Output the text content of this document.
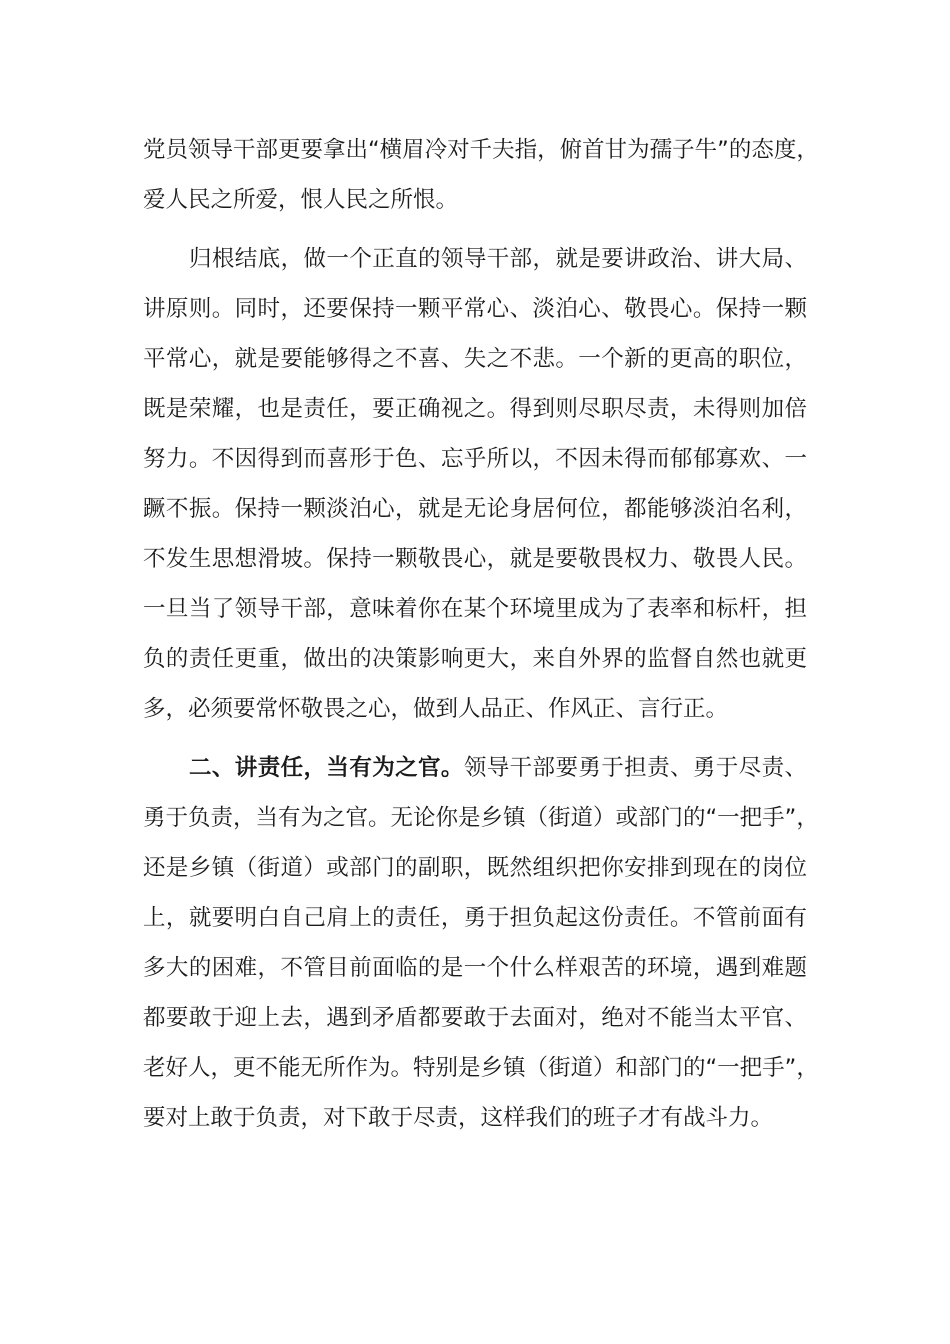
党员领导干部更要拿出“横眉冷对千夫指，俯首甘为孺子牛”的态度，
爱人民之所爱，恨人民之所恨。
归根结底，做一个正直的领导干部，就是要讲政治、讲大局、
讲原则。同时，还要保持一颗平常心、淡泊心、敬畏心。保持一颗
平常心，就是要能够得之不喜、失之不悲。一个新的更高的职位，
既是荣耀，也是责任，要正确视之。得到则尽职尽责，未得则加倍
努力。不因得到而喜形于色、忘乎所以，不因未得而郁郁寡欢、一
蹶不振。保持一颗淡泊心，就是无论身居何位，都能够淡泊名利，
不发生思想滑坡。保持一颗敬畏心，就是要敬畏权力、敬畏人民。
一旦当了领导干部，意味着你在某个环境里成为了表率和标杆，担
负的责任更重，做出的决策影响更大，来自外界的监督自然也就更
多，必须要常怀敬畏之心，做到人品正、作风正、言行正。
二、讲责任，当有为之官。领导干部要勇于担责、勇于尽责、
勇于负责，当有为之官。无论你是乡镇（街道）或部门的“一把手”，
还是乡镇（街道）或部门的副职，既然组织把你安排到现在的岗位
上，就要明白自己肩上的责任，勇于担负起这份责任。不管前面有
多大的困难，不管目前面临的是一个什么样艰苦的环境，遇到难题
都要敢于迎上去，遇到矛盾都要敢于去面对，绝对不能当太平官、
老好人，更不能无所作为。特别是乡镇（街道）和部门的“一把手”，
要对上敢于负责，对下敢于尽责，这样我们的班子才有战斗力。
